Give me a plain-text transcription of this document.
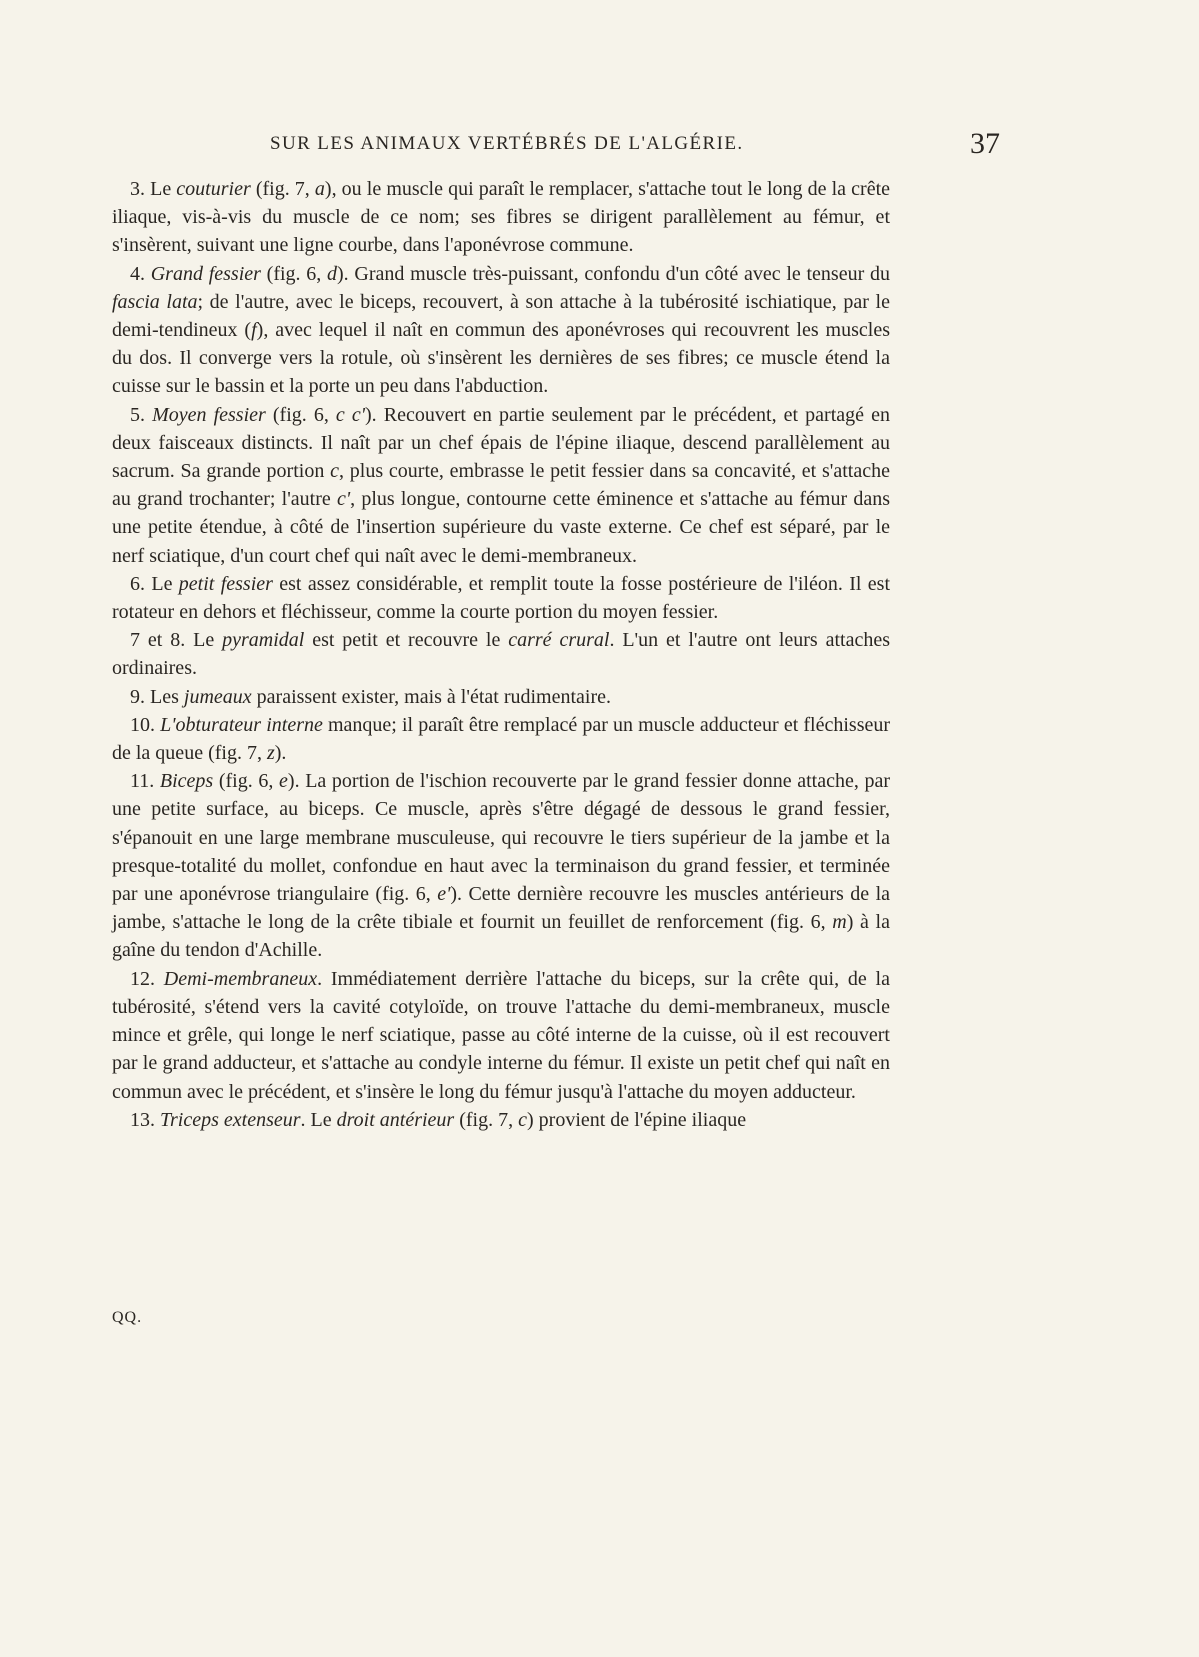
SUR LES ANIMAUX VERTÉBRÉS DE L'ALGÉRIE.	37

3. Le couturier (fig. 7, a), ou le muscle qui paraît le remplacer, s'attache tout le long de la crête iliaque, vis-à-vis du muscle de ce nom; ses fibres se dirigent parallèlement au fémur, et s'insèrent, suivant une ligne courbe, dans l'aponévrose commune.

4. Grand fessier (fig. 6, d). Grand muscle très-puissant, confondu d'un côté avec le tenseur du fascia lata; de l'autre, avec le biceps, recouvert, à son attache à la tubérosité ischiatique, par le demi-tendineux (f), avec lequel il naît en commun des aponévroses qui recouvrent les muscles du dos. Il converge vers la rotule, où s'insèrent les dernières de ses fibres; ce muscle étend la cuisse sur le bassin et la porte un peu dans l'abduction.

5. Moyen fessier (fig. 6, c c'). Recouvert en partie seulement par le précédent, et partagé en deux faisceaux distincts. Il naît par un chef épais de l'épine iliaque, descend parallèlement au sacrum. Sa grande portion c, plus courte, embrasse le petit fessier dans sa concavité, et s'attache au grand trochanter; l'autre c', plus longue, contourne cette éminence et s'attache au fémur dans une petite étendue, à côté de l'insertion supérieure du vaste externe. Ce chef est séparé, par le nerf sciatique, d'un court chef qui naît avec le demi-membraneux.

6. Le petit fessier est assez considérable, et remplit toute la fosse postérieure de l'iléon. Il est rotateur en dehors et fléchisseur, comme la courte portion du moyen fessier.

7 et 8. Le pyramidal est petit et recouvre le carré crural. L'un et l'autre ont leurs attaches ordinaires.

9. Les jumeaux paraissent exister, mais à l'état rudimentaire.

10. L'obturateur interne manque; il paraît être remplacé par un muscle adducteur et fléchisseur de la queue (fig. 7, z).

11. Biceps (fig. 6, e). La portion de l'ischion recouverte par le grand fessier donne attache, par une petite surface, au biceps. Ce muscle, après s'être dégagé de dessous le grand fessier, s'épanouit en une large membrane musculeuse, qui recouvre le tiers supérieur de la jambe et la presque-totalité du mollet, confondue en haut avec la terminaison du grand fessier, et terminée par une aponévrose triangulaire (fig. 6, e'). Cette dernière recouvre les muscles antérieurs de la jambe, s'attache le long de la crête tibiale et fournit un feuillet de renforcement (fig. 6, m) à la gaîne du tendon d'Achille.

12. Demi-membraneux. Immédiatement derrière l'attache du biceps, sur la crête qui, de la tubérosité, s'étend vers la cavité cotyloïde, on trouve l'attache du demi-membraneux, muscle mince et grêle, qui longe le nerf sciatique, passe au côté interne de la cuisse, où il est recouvert par le grand adducteur, et s'attache au condyle interne du fémur. Il existe un petit chef qui naît en commun avec le précédent, et s'insère le long du fémur jusqu'à l'attache du moyen adducteur.

13. Triceps extenseur. Le droit antérieur (fig. 7, c) provient de l'épine iliaque

QQ.
